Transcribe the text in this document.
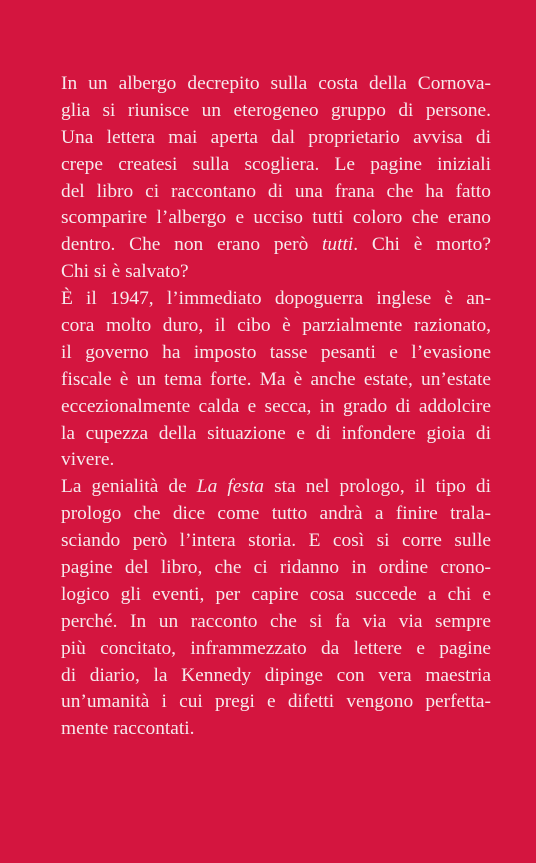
In un albergo decrepito sulla costa della Cornova-
glia si riunisce un eterogeneo gruppo di persone.
Una lettera mai aperta dal proprietario avvisa di
crepe createsi sulla scogliera. Le pagine iniziali
del libro ci raccontano di una frana che ha fatto
scomparire l’albergo e ucciso tutti coloro che erano
dentro. Che non erano però tutti. Chi è morto?
Chi si è salvato?
È il 1947, l’immediato dopoguerra inglese è an-
cora molto duro, il cibo è parzialmente razionato,
il governo ha imposto tasse pesanti e l’evasione
fiscale è un tema forte. Ma è anche estate, un’estate
eccezionalmente calda e secca, in grado di addolcire
la cupezza della situazione e di infondere gioia di
vivere.
La genialità de La festa sta nel prologo, il tipo di
prologo che dice come tutto andrà a finire trala-
sciando però l’intera storia. E così si corre sulle
pagine del libro, che ci ridanno in ordine crono-
logico gli eventi, per capire cosa succede a chi e
perché. In un racconto che si fa via via sempre
più concitato, inframmezzato da lettere e pagine
di diario, la Kennedy dipinge con vera maestria
un’umanità i cui pregi e difetti vengono perfetta-
mente raccontati.
